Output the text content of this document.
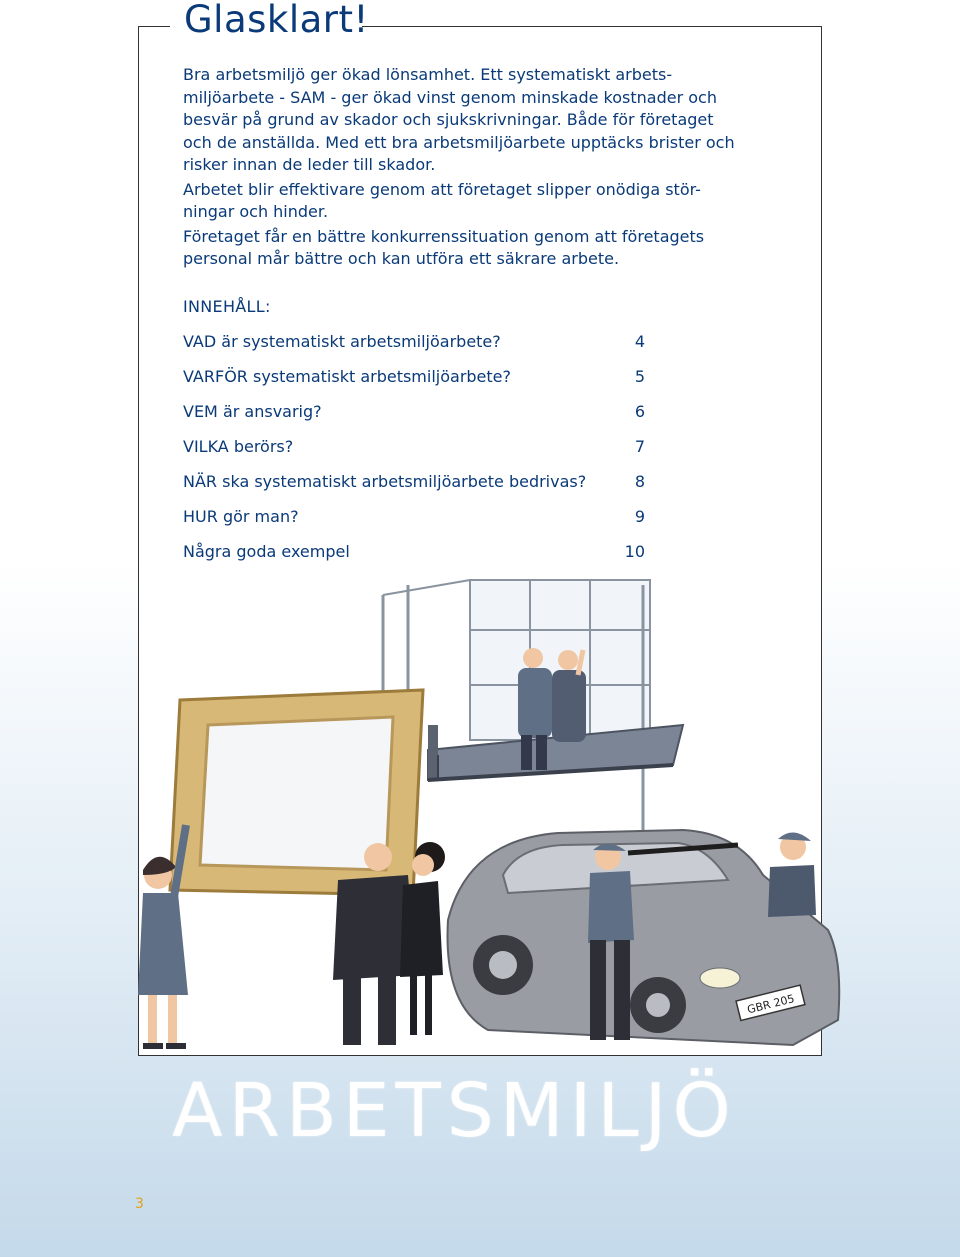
Glasklart!

Bra arbetsmiljö ger ökad lönsamhet. Ett systematiskt arbets-miljöarbete - SAM - ger ökad vinst genom minskade kostnader och besvär på grund av skador och sjukskrivningar. Både för företaget och de anställda. Med ett bra arbetsmiljöarbete upptäcks brister och risker innan de leder till skador.

Arbetet blir effektivare genom att företaget slipper onödiga stör-ningar och hinder.

Företaget får en bättre konkurrenssituation genom att företagets personal mår bättre och kan utföra ett säkrare arbete.

INNEHÅLL:
VAD är systematiskt arbetsmiljöarbete?	4
VARFÖR systematiskt arbetsmiljöarbete?	5
VEM är ansvarig?	6
VILKA berörs?	7
NÄR ska systematiskt arbetsmiljöarbete bedrivas?	8
HUR gör man?	9
Några goda exempel	10
GBR 205
ARBETSMILJÖ
3
